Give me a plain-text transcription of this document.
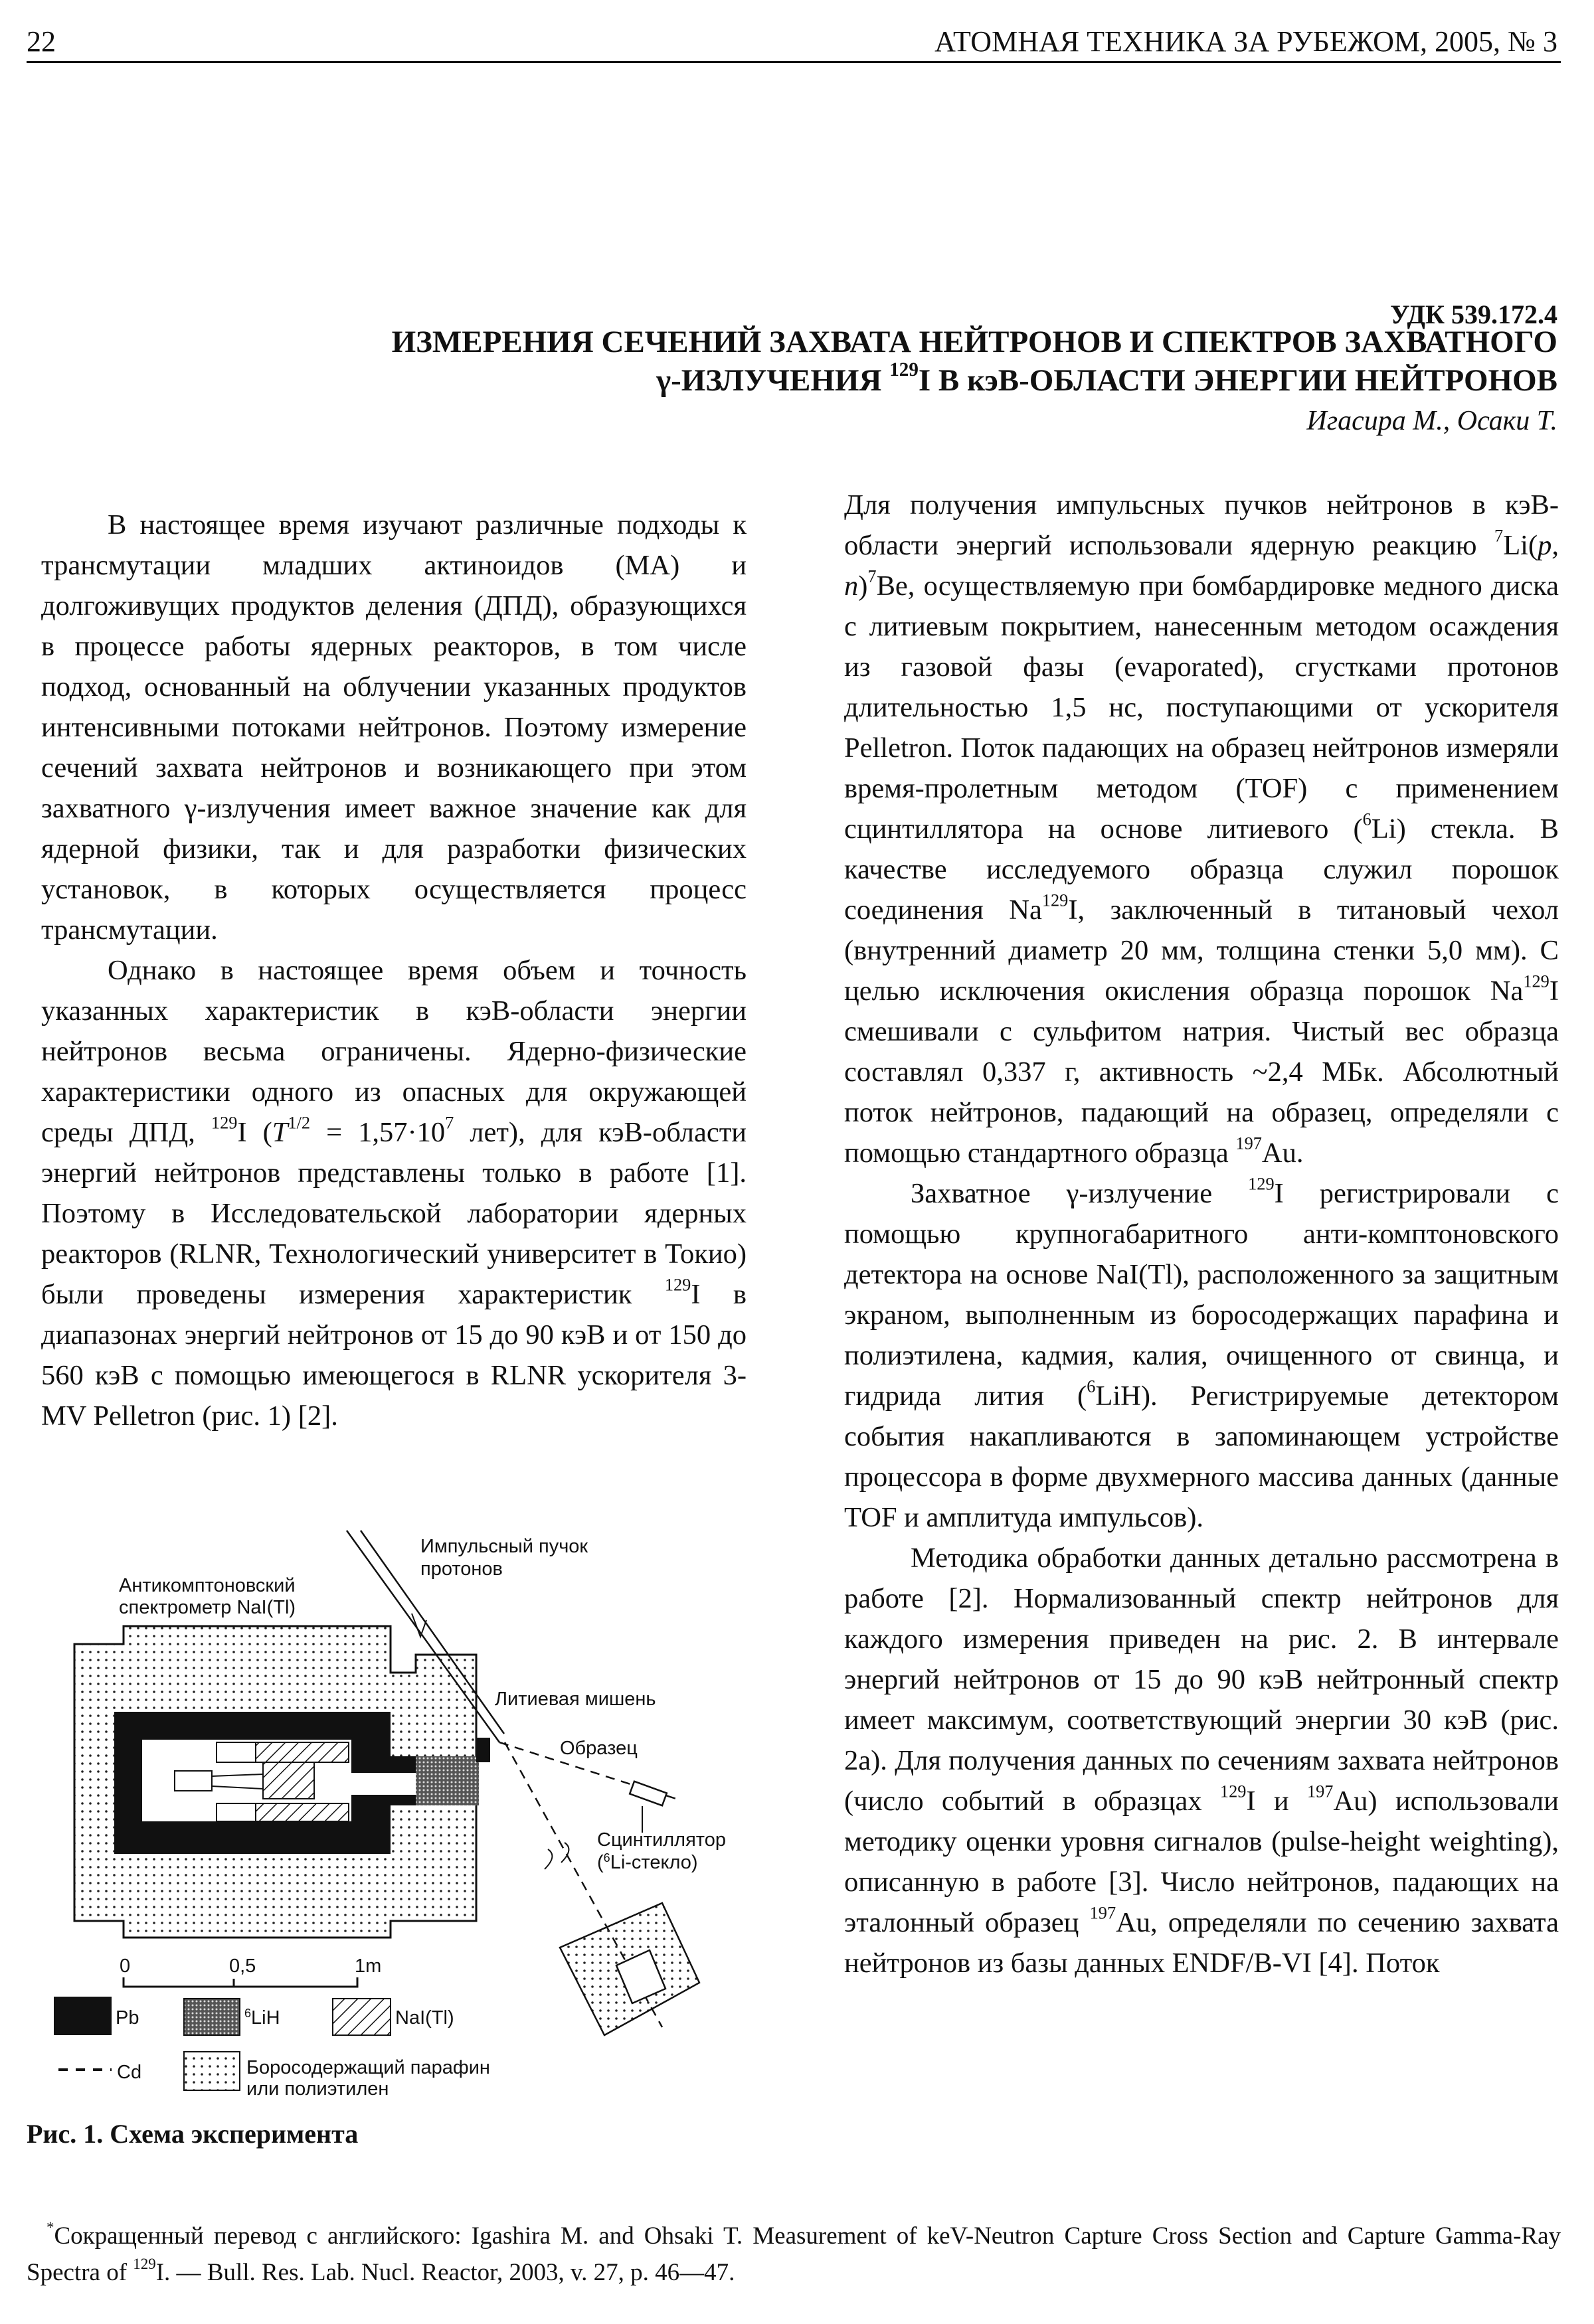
22	АТОМНАЯ ТЕХНИКА ЗА РУБЕЖОМ, 2005, № 3
УДК 539.172.4
ИЗМЕРЕНИЯ СЕЧЕНИЙ ЗАХВАТА НЕЙТРОНОВ И СПЕКТРОВ ЗАХВАТНОГО
γ-ИЗЛУЧЕНИЯ $^{129}$I В кэВ-ОБЛАСТИ ЭНЕРГИИ НЕЙТРОНОВ
Игасира М., Осаки Т.

В настоящее время изучают различные подходы к трансмутации младших актиноидов (МА) и долгоживущих продуктов деления (ДПД), образующихся в процессе работы ядерных реакторов, в том числе подход, основанный на облучении указанных продуктов интенсивными потоками нейтронов. Поэтому измерение сечений захвата нейтронов и возникающего при этом захватного γ-излучения имеет важное значение как для ядерной физики, так и для разработки физических установок, в которых осуществляется процесс трансмутации.

Однако в настоящее время объем и точность указанных характеристик в кэВ-области энергии нейтронов весьма ограничены. Ядерно-физические характеристики одного из опасных для окружающей среды ДПД, $^{129}$I ($T^{1/2} = 1,57\cdot 10^7$ лет), для кэВ-области энергий нейтронов представлены только в работе [1]. Поэтому в Исследовательской лаборатории ядерных реакторов (RLNR, Технологический университет в Токио) были проведены измерения характеристик $^{129}$I в диапазонах энергий нейтронов от 15 до 90 кэВ и от 150 до 560 кэВ с помощью имеющегося в RLNR ускорителя 3-MV Pelletron (рис. 1) [2].

Для получения импульсных пучков нейтронов в кэВ-области энергий использовали ядерную реакцию $^7$Li(p, n)$^7$Be, осуществляемую при бомбардировке медного диска с литиевым покрытием, нанесенным методом осаждения из газовой фазы (evaporated), сгустками протонов длительностью 1,5 нс, поступающими от ускорителя Pelletron. Поток падающих на образец нейтронов измеряли время-пролетным методом (TOF) с применением сцинтиллятора на основе литиевого ($^6$Li) стекла. В качестве исследуемого образца служил порошок соединения Na$^{129}$I, заключенный в титановый чехол (внутренний диаметр 20 мм, толщина стенки 5,0 мм). С целью исключения окисления образца порошок Na$^{129}$I смешивали с сульфитом натрия. Чистый вес образца составлял 0,337 г, активность ~2,4 МБк. Абсолютный поток нейтронов, падающий на образец, определяли с помощью стандартного образца $^{197}$Au.

Захватное γ-излучение $^{129}$I регистрировали с помощью крупногабаритного анти-комптоновского детектора на основе NaI(Tl), расположенного за защитным экраном, выполненным из боросодержащих парафина и полиэтилена, кадмия, калия, очищенного от свинца, и гидрида лития ($^6$LiH). Регистрируемые детектором события накапливаются в запоминающем устройстве процессора в форме двухмерного массива данных (данные TOF и амплитуда импульсов).

Методика обработки данных детально рассмотрена в работе [2]. Нормализованный спектр нейтронов для каждого измерения приведен на рис. 2. В интервале энергий нейтронов от 15 до 90 кэВ нейтронный спектр имеет максимум, соответствующий энергии 30 кэВ (рис. 2а). Для получения данных по сечениям захвата нейтронов (число событий в образцах $^{129}$I и $^{197}$Au) использовали методику оценки уровня сигналов (pulse-height weighting), описанную в работе [3]. Число нейтронов, падающих на эталонный образец $^{197}$Au, определяли по сечению захвата нейтронов из базы данных ENDF/B-VI [4]. Поток

Импульсный пучок
протонов
Антикомптоновский
спектрометр NaI(Tl)
Литиевая мишень
Образец
Сцинтиллятор
($^6$Li-стекло)
0	0,5	1m
Pb	$^6$LiH	NaI(Tl)
Cd	Боросодержащий парафин
или полиэтилен
Рис. 1. Схема эксперимента
*Сокращенный перевод с английского: Igashira M. and Ohsaki T. Measurement of keV-Neutron Capture Cross Section and Capture Gamma-Ray Spectra of $^{129}$I. — Bull. Res. Lab. Nucl. Reactor, 2003, v. 27, p. 46—47.
